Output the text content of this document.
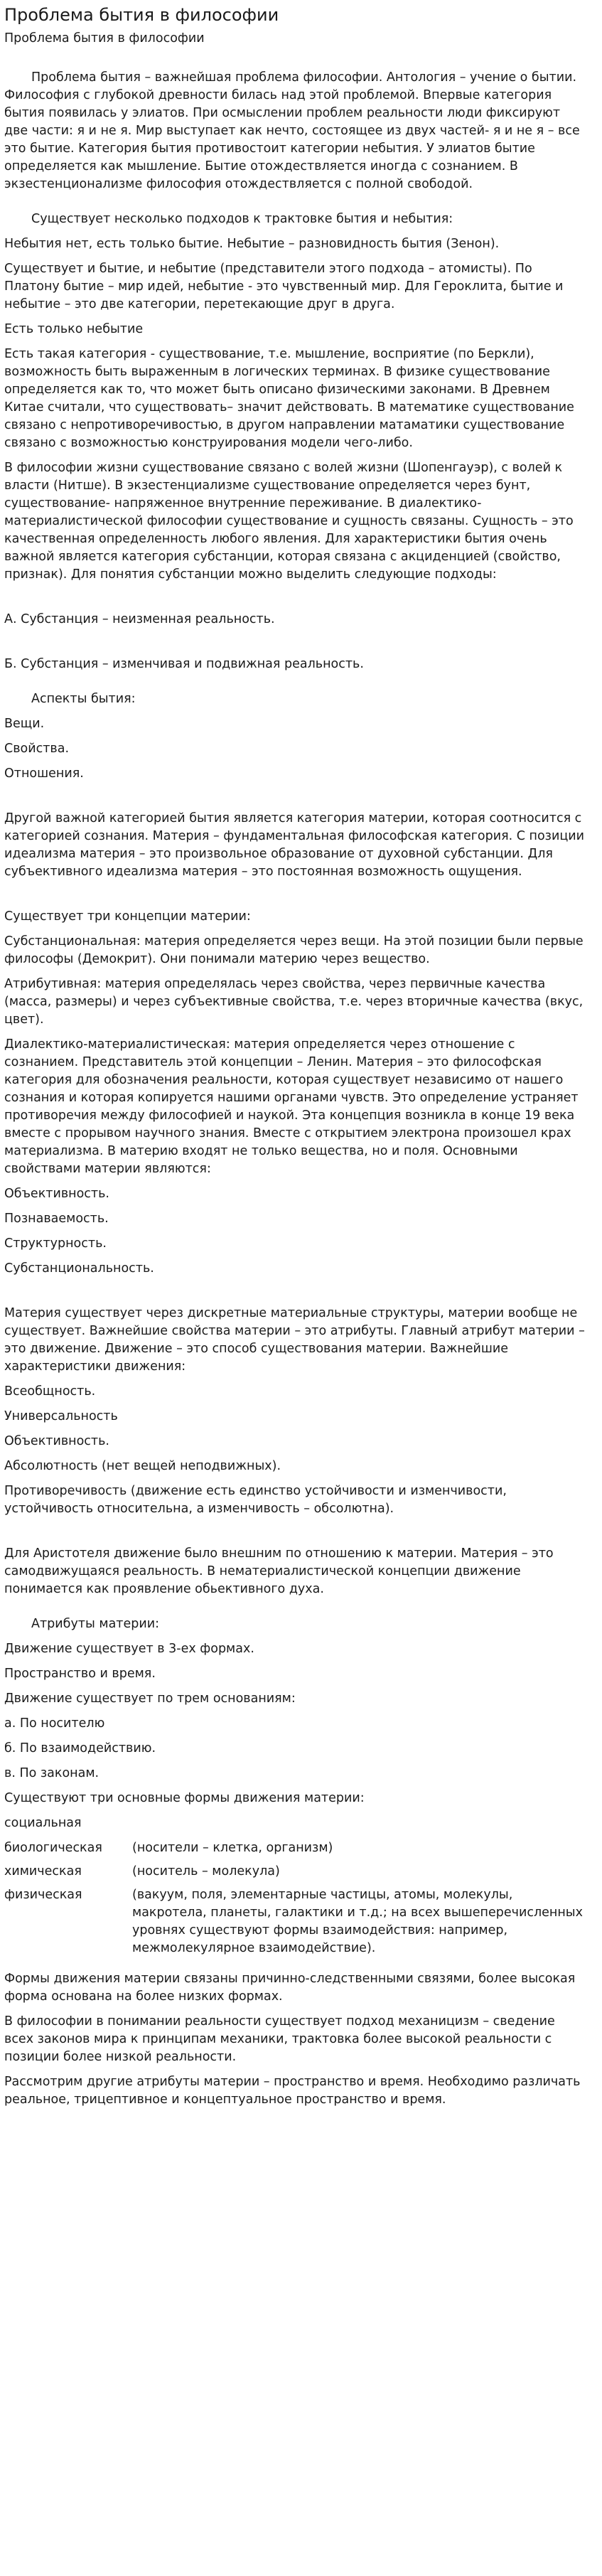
Проблема бытия в философии
Проблема бытия в философии

Проблема бытия – важнейшая проблема философии. Антология – учение о бытии. Философия с глубокой древности билась над этой проблемой. Впервые категория бытия появилась у элиатов. При осмыслении проблем реальности люди фиксируют две части: я и не я. Мир выступает как нечто, состоящее из двух частей- я и не я – все это бытие. Категория бытия противостоит категории небытия. У элиатов бытие определяется как мышление. Бытие отождествляется иногда с сознанием. В экзестенционализме философия отождествляется с полной свободой.

Существует несколько подходов к трактовке бытия и небытия:

Небытия нет, есть только бытие. Небытие – разновидность бытия (Зенон).

Существует и бытие, и небытие (представители этого подхода – атомисты). По Платону бытие – мир идей, небытие - это чувственный мир. Для Героклита, бытие и небытие – это две категории, перетекающие друг в друга.

Есть только небытие

Есть такая категория - существование, т.е. мышление, восприятие (по Беркли), возможность быть выраженным в логических терминах. В физике существование определяется как то, что может быть описано физическими законами. В Древнем Китае считали, что существовать– значит действовать. В математике существование связано с непротиворечивостью, в другом направлении матаматики существование связано с возможностью конструирования модели чего-либо.

В философии жизни существование связано с волей жизни (Шопенгауэр), с волей к власти (Нитше). В экзестенциализме существование определяется через бунт, существование- напряженное внутренние переживание. В диалектико-материалистической философии существование и сущность связаны. Сущность – это качественная определенность любого явления. Для характеристики бытия очень важной является категория субстанции, которая связана с акциденцией (свойство, признак). Для понятия субстанции можно выделить следующие подходы:

А. Субстанция – неизменная реальность.

Б. Субстанция – изменчивая и подвижная реальность.

Аспекты бытия:

Вещи.

Свойства.

Отношения.

Другой важной категорией бытия является категория материи, которая соотносится с категорией сознания. Материя – фундаментальная философская категория. С позиции идеализма материя – это произвольное образование от духовной субстанции. Для субъективного идеализма материя – это постоянная возможность ощущения.

Существует три концепции материи:

Субстанциональная: материя определяется через вещи. На этой позиции были первые философы (Демокрит). Они понимали материю через вещество.

Атрибутивная: материя определялась через свойства, через первичные качества (масса, размеры) и через субъективные свойства, т.е. через вторичные качества (вкус, цвет).

Диалектико-материалистическая: материя определяется через отношение с сознанием. Представитель этой концепции – Ленин. Материя – это философская категория для обозначения реальности, которая существует независимо от нашего сознания и которая копируется нашими органами чувств. Это определение устраняет противоречия между философией и наукой. Эта концепция возникла в конце 19 века вместе с прорывом научного знания. Вместе с открытием электрона произошел крах материализма. В материю входят не только вещества, но и поля. Основными свойствами материи являются:

Объективность.

Познаваемость.

Структурность.

Субстанциональность.

Материя существует через дискретные материальные структуры, материи вообще не существует. Важнейшие свойства материи – это атрибуты. Главный атрибут материи – это движение. Движение – это способ существования материи. Важнейшие характеристики движения:

Всеобщность.

Универсальность

Объективность.

Абсолютность (нет вещей неподвижных).

Противоречивость (движение есть единство устойчивости и изменчивости, устойчивость относительна, а изменчивость – обсолютна).

Для Аристотеля движение было внешним по отношению к материи. Материя – это самодвижущаяся реальность. В нематериалистической концепции движение понимается как проявление обьективного духа.

Атрибуты материи:

Движение существует в 3-ех формах.

Пространство и время.

Движение существует по трем основаниям:

а. По носителю

б. По взаимодействию.

в. По законам.

Существуют три основные формы движения материи:

социальная

биологическая	(носители – клетка, организм)
химическая	(носитель – молекула)
физическая	(вакуум, поля, элементарные частицы, атомы, молекулы, макротела, планеты, галактики и т.д.; на всех вышеперечисленных уровнях существуют формы взаимодействия: например, межмолекулярное взаимодействие).

Формы движения материи связаны причинно-следственными связями, более высокая форма основана на более низких формах.

В философии в понимании реальности существует подход механицизм – сведение всех законов мира к принципам механики, трактовка более высокой реальности с позиции более низкой реальности.

Рассмотрим другие атрибуты материи – пространство и время. Необходимо различать реальное, трицептивное и концептуальное пространство и время.
